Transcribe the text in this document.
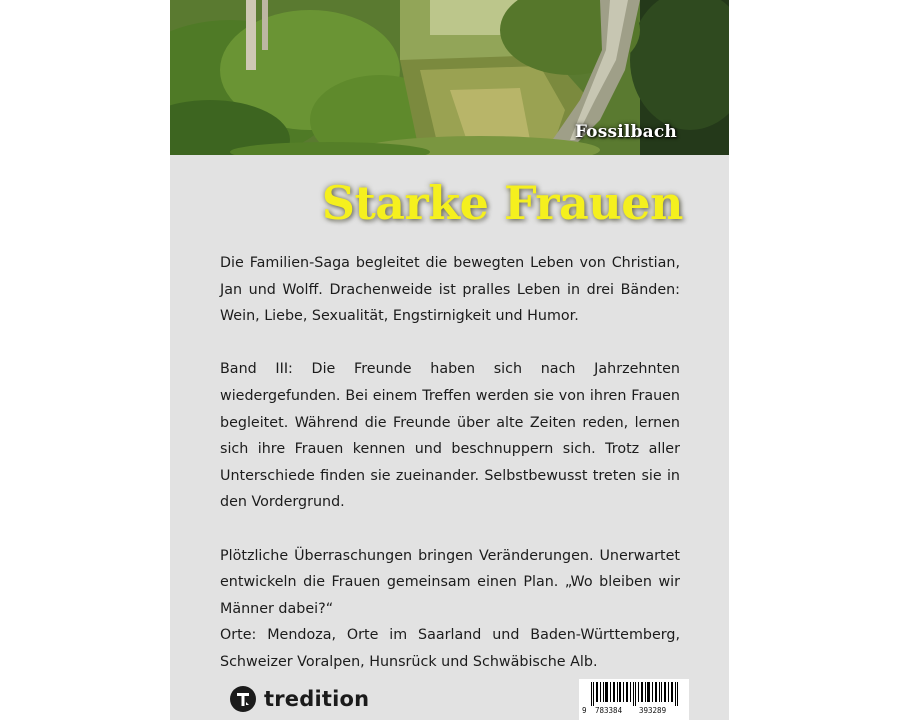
Fossilbach
Starke Frauen

Die Familien-Saga begleitet die bewegten Leben von Christian, Jan und Wolff. Drachenweide ist pralles Leben in drei Bänden: Wein, Liebe, Sexualität, Engstirnigkeit und Humor.

Band III: Die Freunde haben sich nach Jahrzehnten wiedergefunden. Bei einem Treffen werden sie von ihren Frauen begleitet. Während die Freunde über alte Zeiten reden, lernen sich ihre Frauen kennen und beschnuppern sich. Trotz aller Unterschiede finden sie zueinander. Selbstbewusst treten sie in den Vordergrund.

Plötzliche Überraschungen bringen Veränderungen. Unerwartet entwickeln die Frauen gemeinsam einen Plan. „Wo bleiben wir Männer dabei?“

Orte: Mendoza, Orte im Saarland und Baden-Württemberg, Schweizer Voralpen, Hunsrück und Schwäbische Alb.

tredition	9 783384 393289
